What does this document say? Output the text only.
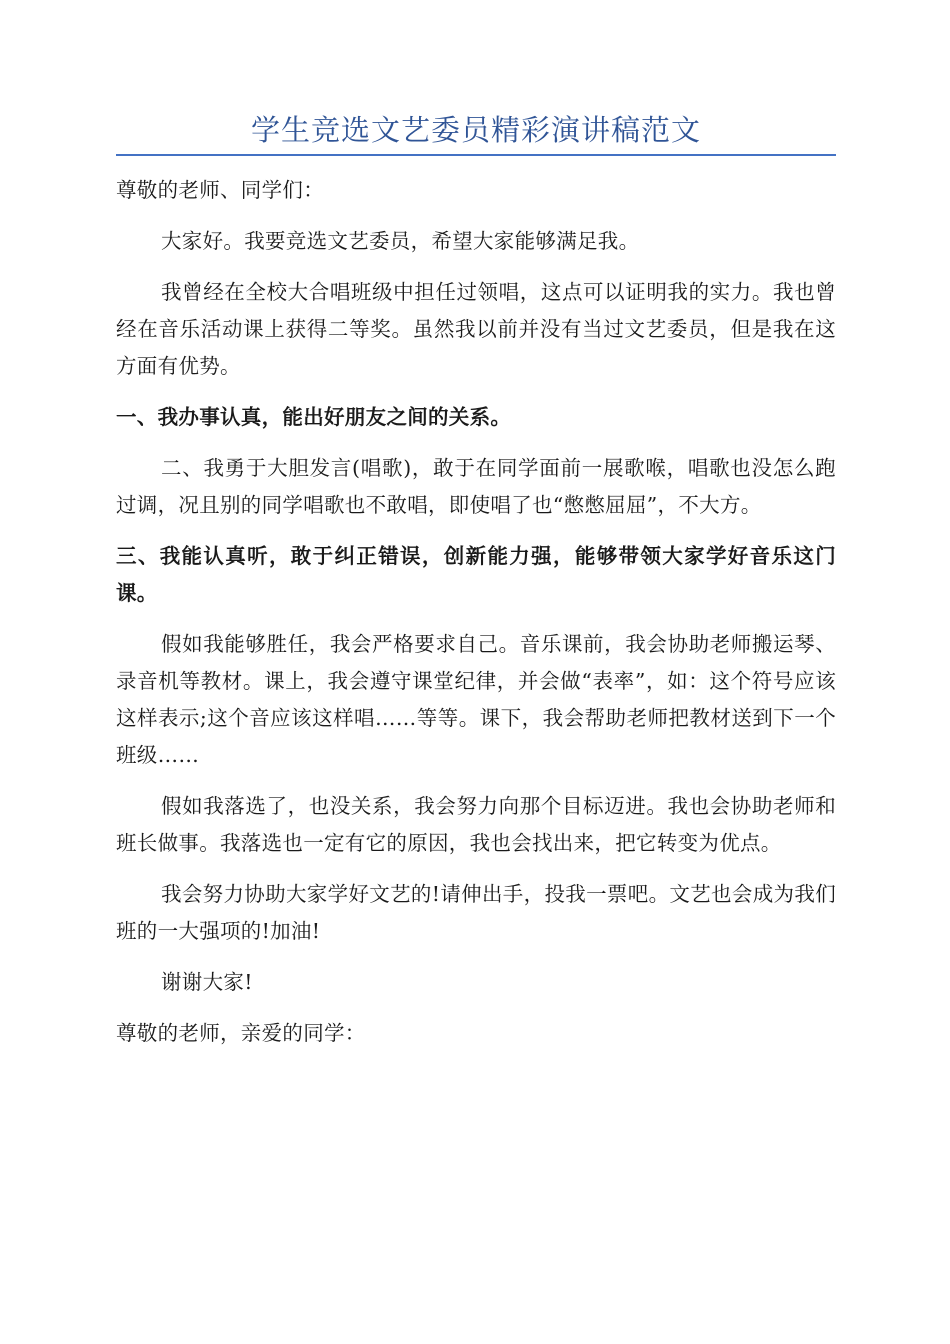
学生竞选文艺委员精彩演讲稿范文

尊敬的老师、同学们：

大家好。我要竞选文艺委员，希望大家能够满足我。

我曾经在全校大合唱班级中担任过领唱，这点可以证明我的实力。我也曾经在音乐活动课上获得二等奖。虽然我以前并没有当过文艺委员，但是我在这方面有优势。

一、我办事认真，能出好朋友之间的关系。

二、我勇于大胆发言(唱歌)，敢于在同学面前一展歌喉，唱歌也没怎么跑过调，况且别的同学唱歌也不敢唱，即使唱了也“憋憋屈屈”，不大方。

三、我能认真听，敢于纠正错误，创新能力强，能够带领大家学好音乐这门课。

假如我能够胜任，我会严格要求自己。音乐课前，我会协助老师搬运琴、录音机等教材。课上，我会遵守课堂纪律，并会做“表率”，如：这个符号应该这样表示;这个音应该这样唱……等等。课下，我会帮助老师把教材送到下一个班级……

假如我落选了，也没关系，我会努力向那个目标迈进。我也会协助老师和班长做事。我落选也一定有它的原因，我也会找出来，把它转变为优点。

我会努力协助大家学好文艺的!请伸出手，投我一票吧。文艺也会成为我们班的一大强项的!加油!

谢谢大家!

尊敬的老师，亲爱的同学：
